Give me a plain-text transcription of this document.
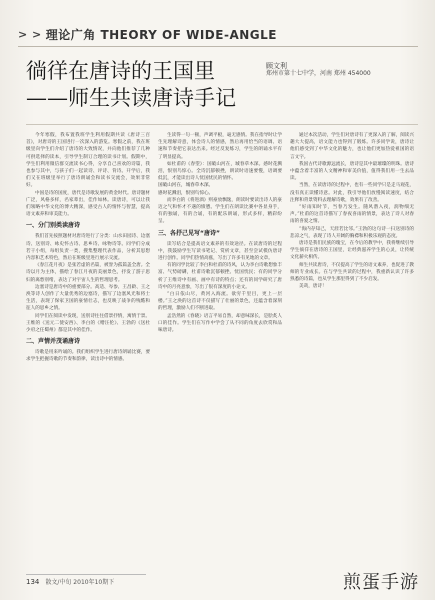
> > 理论广角 THEORY OF WIDE-ANGLE
徜徉在唐诗的王国里
——师生共读唐诗手记
顾文利
郑州市第十七中学，河南 郑州 454000

今年寒假，我布置我班学生利用假期共读《唐诗三百首》，对唐诗的王国进行一次深入的游览。寒假之前，我在班级里向学生们介绍了唐诗的大致情况，并向他们推荐了几种可供选择的读本，引导学生制订合理的读书计划。假期中，学生们利用微信群交流读书心得，分享自己喜欢的诗篇，我也参与其中，与孩子们一起读诗、评诗、背诗。开学后，我们又在班级里举行了唐诗朗诵会和读书交流会，效果非常好。

中国是诗的国度，唐代是诗歌发展的黄金时代。唐诗题材广泛，风格多样，名家辈出，佳作如林。读唐诗，可以让我们领略中华文化的博大精深，感受古人的情怀与智慧，提高语文素养和审美能力。

一、分门别类读唐诗

我们首先按照题材对唐诗进行了分类：山水田园诗、边塞诗、送别诗、咏史怀古诗、思乡诗、咏物诗等。同学们分成若干小组，每组负责一类，搜集整理代表作品，分析其思想内容和艺术特色，然后在班级里进行展示交流。

《春江花月夜》是张若虚的名篇，被誉为孤篇盖全唐。全诗以月为主体，描绘了春江月夜的美丽景色，抒发了游子思妇的离愁别绪，表达了对宇宙人生的哲理思考。

边塞诗是唐诗中的重要部分。高适、岑参、王昌龄、王之涣等诗人创作了大量优秀的边塞诗，描写了边塞风光和将士生活，表现了保家卫国的豪情壮志，也反映了战争的残酷和征人的思乡之情。

同学们在阅读中发现，送别诗往往借景抒情，寓情于景。王维的《送元二使安西》、李白的《赠汪伦》、王勃的《送杜少府之任蜀州》都是其中的佳作。

二、声情并茂诵唐诗

诗歌是用来吟诵的。我们组织学生进行唐诗朗诵比赛，要求学生把握诗歌的节奏和韵律，读出诗中的情感。

生读得一句一顿，声调平板，毫无感情。我在指导时让学生先理解诗意，体会诗人的情感，然后再用恰当的语调、语速和节奏把它表达出来。经过反复练习，学生的朗诵水平有了明显提高。

如杜甫的《春望》：国破山河在，城春草木深。感时花溅泪，恨别鸟惊心。全诗沉郁顿挫，朗读时语速要慢，语调要低沉，才能读出诗人忧国忧民的情怀。

国破山河在，城春草木深。

感时花溅泪，恨别鸟惊心。

而李白的《将进酒》则豪放飘逸，朗读时要读出诗人的豪迈之气和怀才不遇的愤懑。学生们在朗读比赛中各显身手，有的独诵，有的合诵，有的配乐朗诵，形式多样，精彩纷呈。

三、各抒己见写“唐诗”

读写结合是提高语文素养的有效途径。在读唐诗的过程中，我鼓励学生写读书笔记、赏析文章，甚至尝试模仿唐诗进行创作。同学们热情高涨，写出了许多有见地的文章。

有的同学比较了李白和杜甫的诗风，认为李白诗歌想象丰富、气势磅礴，杜甫诗歌沉郁顿挫、忧国忧民；有的同学分析了王维诗中有画、画中有诗的特点；还有的同学研究了唐诗中的月亮意象，写出了很有深度的小论文。

“白日依山尽，黄河入海流。欲穷千里目，更上一层楼。”王之涣的这首诗不仅描写了壮丽的景色，还蕴含着深刻的哲理，激励人们不断进取。

孟浩然的《春晓》语言平易自然，却意味深长，是脍炙人口的佳作。学生们在写作中学会了从不同的角度去欣赏和品味唐诗。

通过本次活动，学生们对唐诗有了更深入的了解，阅读兴趣大大提高，语文能力也得到了锻炼。许多同学说，唐诗让他们感受到了中华文化的魅力，也让他们更加热爱祖国的语言文字。

我国古代诗歌源远流长，唐诗是其中最璀璨的明珠。唐诗中蕴含着丰富的人文精神和审美价值，值得我们用一生去品读。

当然，在读唐诗的过程中，也有一些同学只是走马观花，没有真正读懂诗意。对此，我引导他们放慢阅读速度，结合注释和背景资料去理解诗歌，效果有了改善。

“好雨知时节，当春乃发生。随风潜入夜，润物细无声。”杜甫的这首诗描写了春夜喜雨的情景，表达了诗人对春雨的喜爱之情。

“海内存知己，天涯若比邻。”王勃的这句诗一扫送别诗的悲凉之气，表现了诗人开阔的胸襟和积极乐观的态度。

唐诗是我们民族的瑰宝，在今后的教学中，我将继续引导学生徜徉在唐诗的王国里，让经典滋养学生的心灵，让传统文化薪火相传。

师生共读唐诗，不仅提高了学生的语文素养，也促进了教师的专业成长。在与学生共读的过程中，我重新认识了许多熟悉的诗篇，也从学生那里得到了不少启发。

美哉，唐诗！

134 散文/中旬 2010年10期下	煎蛋手游
